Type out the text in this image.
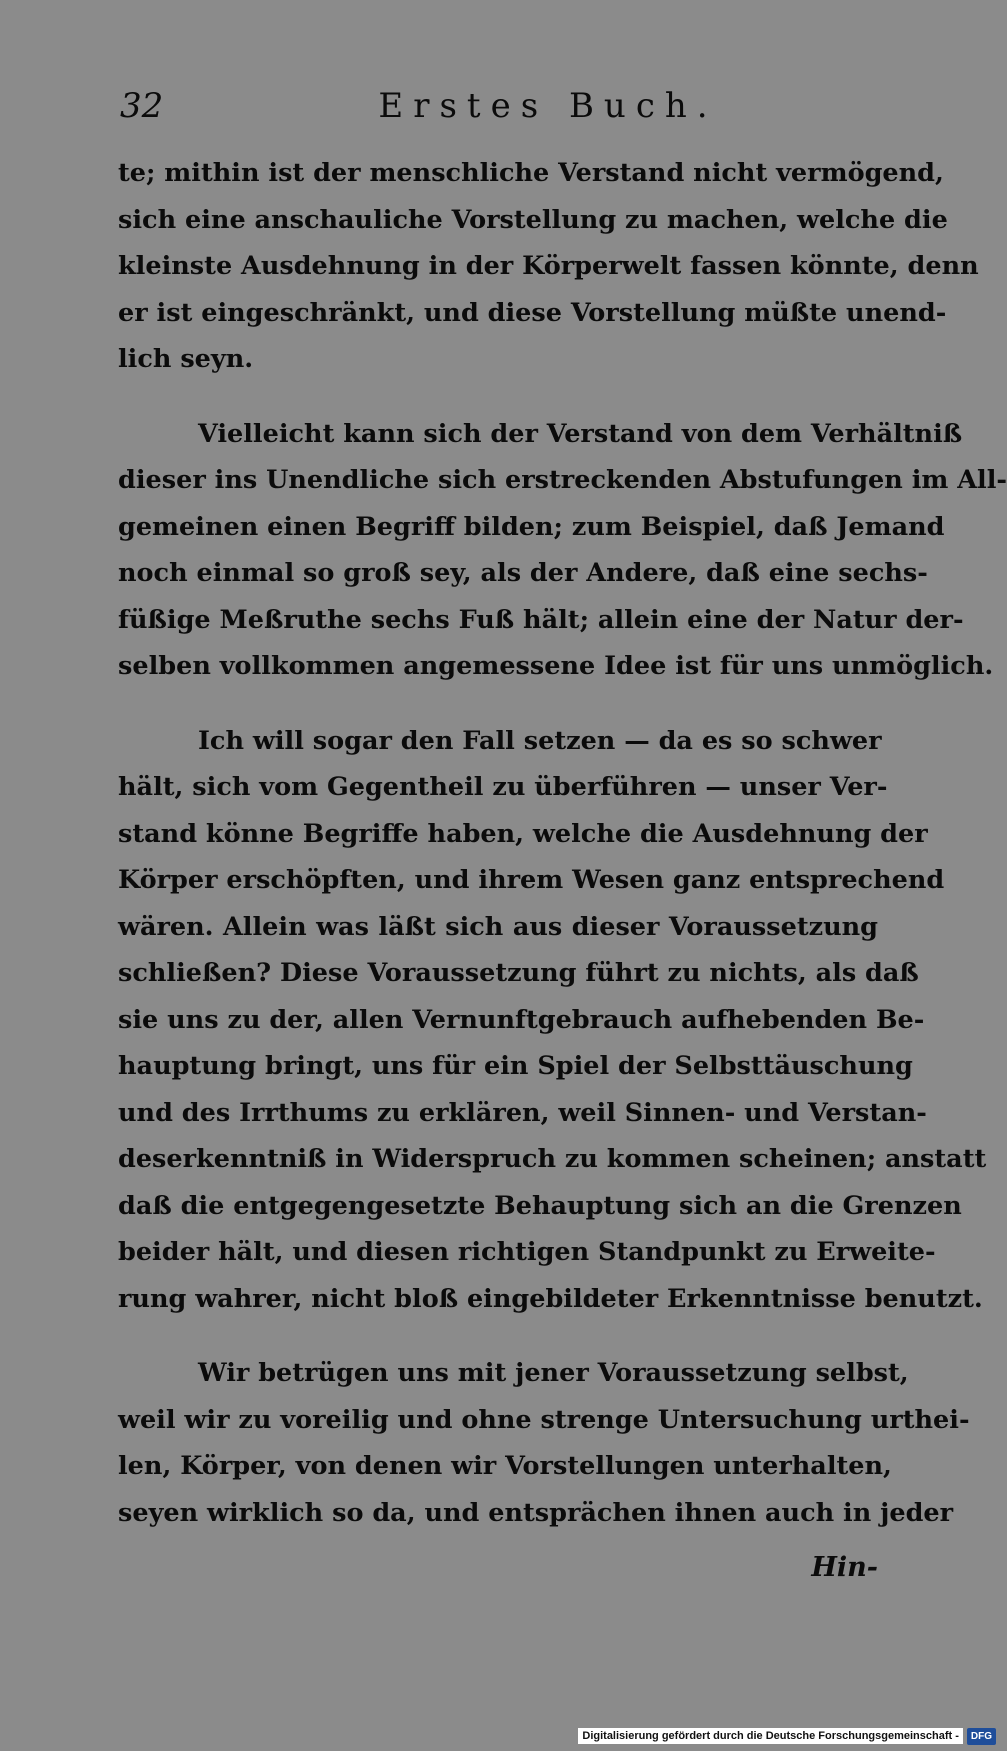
32	Erstes Buch.
te; mithin ist der menschliche Verstand nicht vermögend,
sich eine anschauliche Vorstellung zu machen, welche die
kleinste Ausdehnung in der Körperwelt fassen könnte, denn
er ist eingeschränkt, und diese Vorstellung müßte unend-
lich seyn.
Vielleicht kann sich der Verstand von dem Verhältniß
dieser ins Unendliche sich erstreckenden Abstufungen im All-
gemeinen einen Begriff bilden; zum Beispiel, daß Jemand
noch einmal so groß sey, als der Andere, daß eine sechs-
füßige Meßruthe sechs Fuß hält; allein eine der Natur der-
selben vollkommen angemessene Idee ist für uns unmöglich.
Ich will sogar den Fall setzen — da es so schwer
hält, sich vom Gegentheil zu überführen — unser Ver-
stand könne Begriffe haben, welche die Ausdehnung der
Körper erschöpften, und ihrem Wesen ganz entsprechend
wären. Allein was läßt sich aus dieser Voraussetzung
schließen? Diese Voraussetzung führt zu nichts, als daß
sie uns zu der, allen Vernunftgebrauch aufhebenden Be-
hauptung bringt, uns für ein Spiel der Selbsttäuschung
und des Irrthums zu erklären, weil Sinnen- und Verstan-
deserkenntniß in Widerspruch zu kommen scheinen; anstatt
daß die entgegengesetzte Behauptung sich an die Grenzen
beider hält, und diesen richtigen Standpunkt zu Erweite-
rung wahrer, nicht bloß eingebildeter Erkenntnisse benutzt.
Wir betrügen uns mit jener Voraussetzung selbst,
weil wir zu voreilig und ohne strenge Untersuchung urthei-
len, Körper, von denen wir Vorstellungen unterhalten,
seyen wirklich so da, und entsprächen ihnen auch in jeder
Hin-
Digitalisierung gefördert durch die Deutsche Forschungsgemeinschaft -	DFG
